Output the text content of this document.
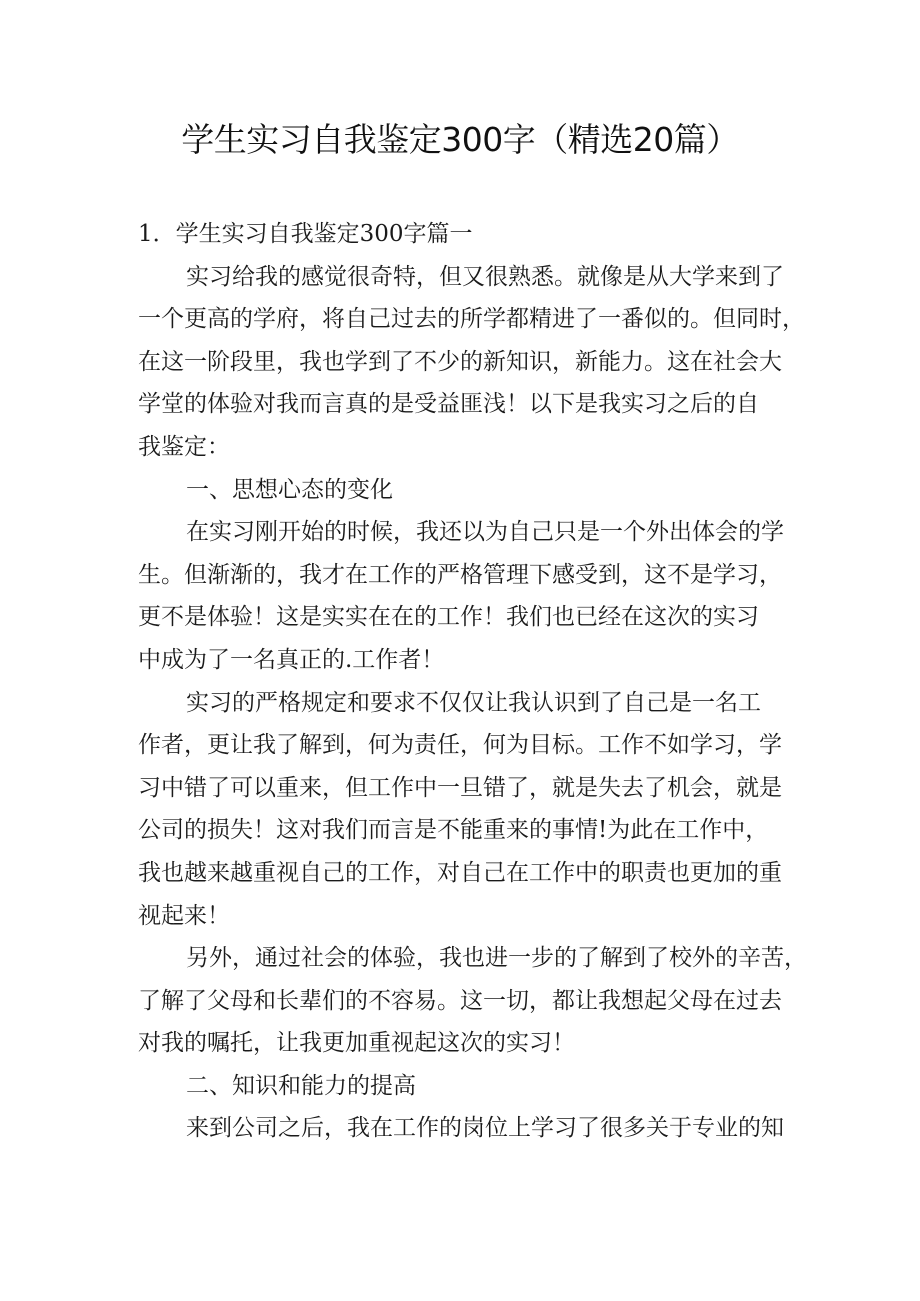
学生实习自我鉴定300字（精选20篇）
1．学生实习自我鉴定300字篇一
实习给我的感觉很奇特，但又很熟悉。就像是从大学来到了
一个更高的学府，将自己过去的所学都精进了一番似的。但同时，
在这一阶段里，我也学到了不少的新知识，新能力。这在社会大
学堂的体验对我而言真的是受益匪浅！以下是我实习之后的自
我鉴定：
一、思想心态的变化
在实习刚开始的时候，我还以为自己只是一个外出体会的学
生。但渐渐的，我才在工作的严格管理下感受到，这不是学习，
更不是体验！这是实实在在的工作！我们也已经在这次的实习
中成为了一名真正的.工作者！
实习的严格规定和要求不仅仅让我认识到了自己是一名工
作者，更让我了解到，何为责任，何为目标。工作不如学习，学
习中错了可以重来，但工作中一旦错了，就是失去了机会，就是
公司的损失！这对我们而言是不能重来的事情!为此在工作中，
我也越来越重视自己的工作，对自己在工作中的职责也更加的重
视起来！
另外，通过社会的体验，我也进一步的了解到了校外的辛苦，
了解了父母和长辈们的不容易。这一切，都让我想起父母在过去
对我的嘱托，让我更加重视起这次的实习！
二、知识和能力的提高
来到公司之后，我在工作的岗位上学习了很多关于专业的知
